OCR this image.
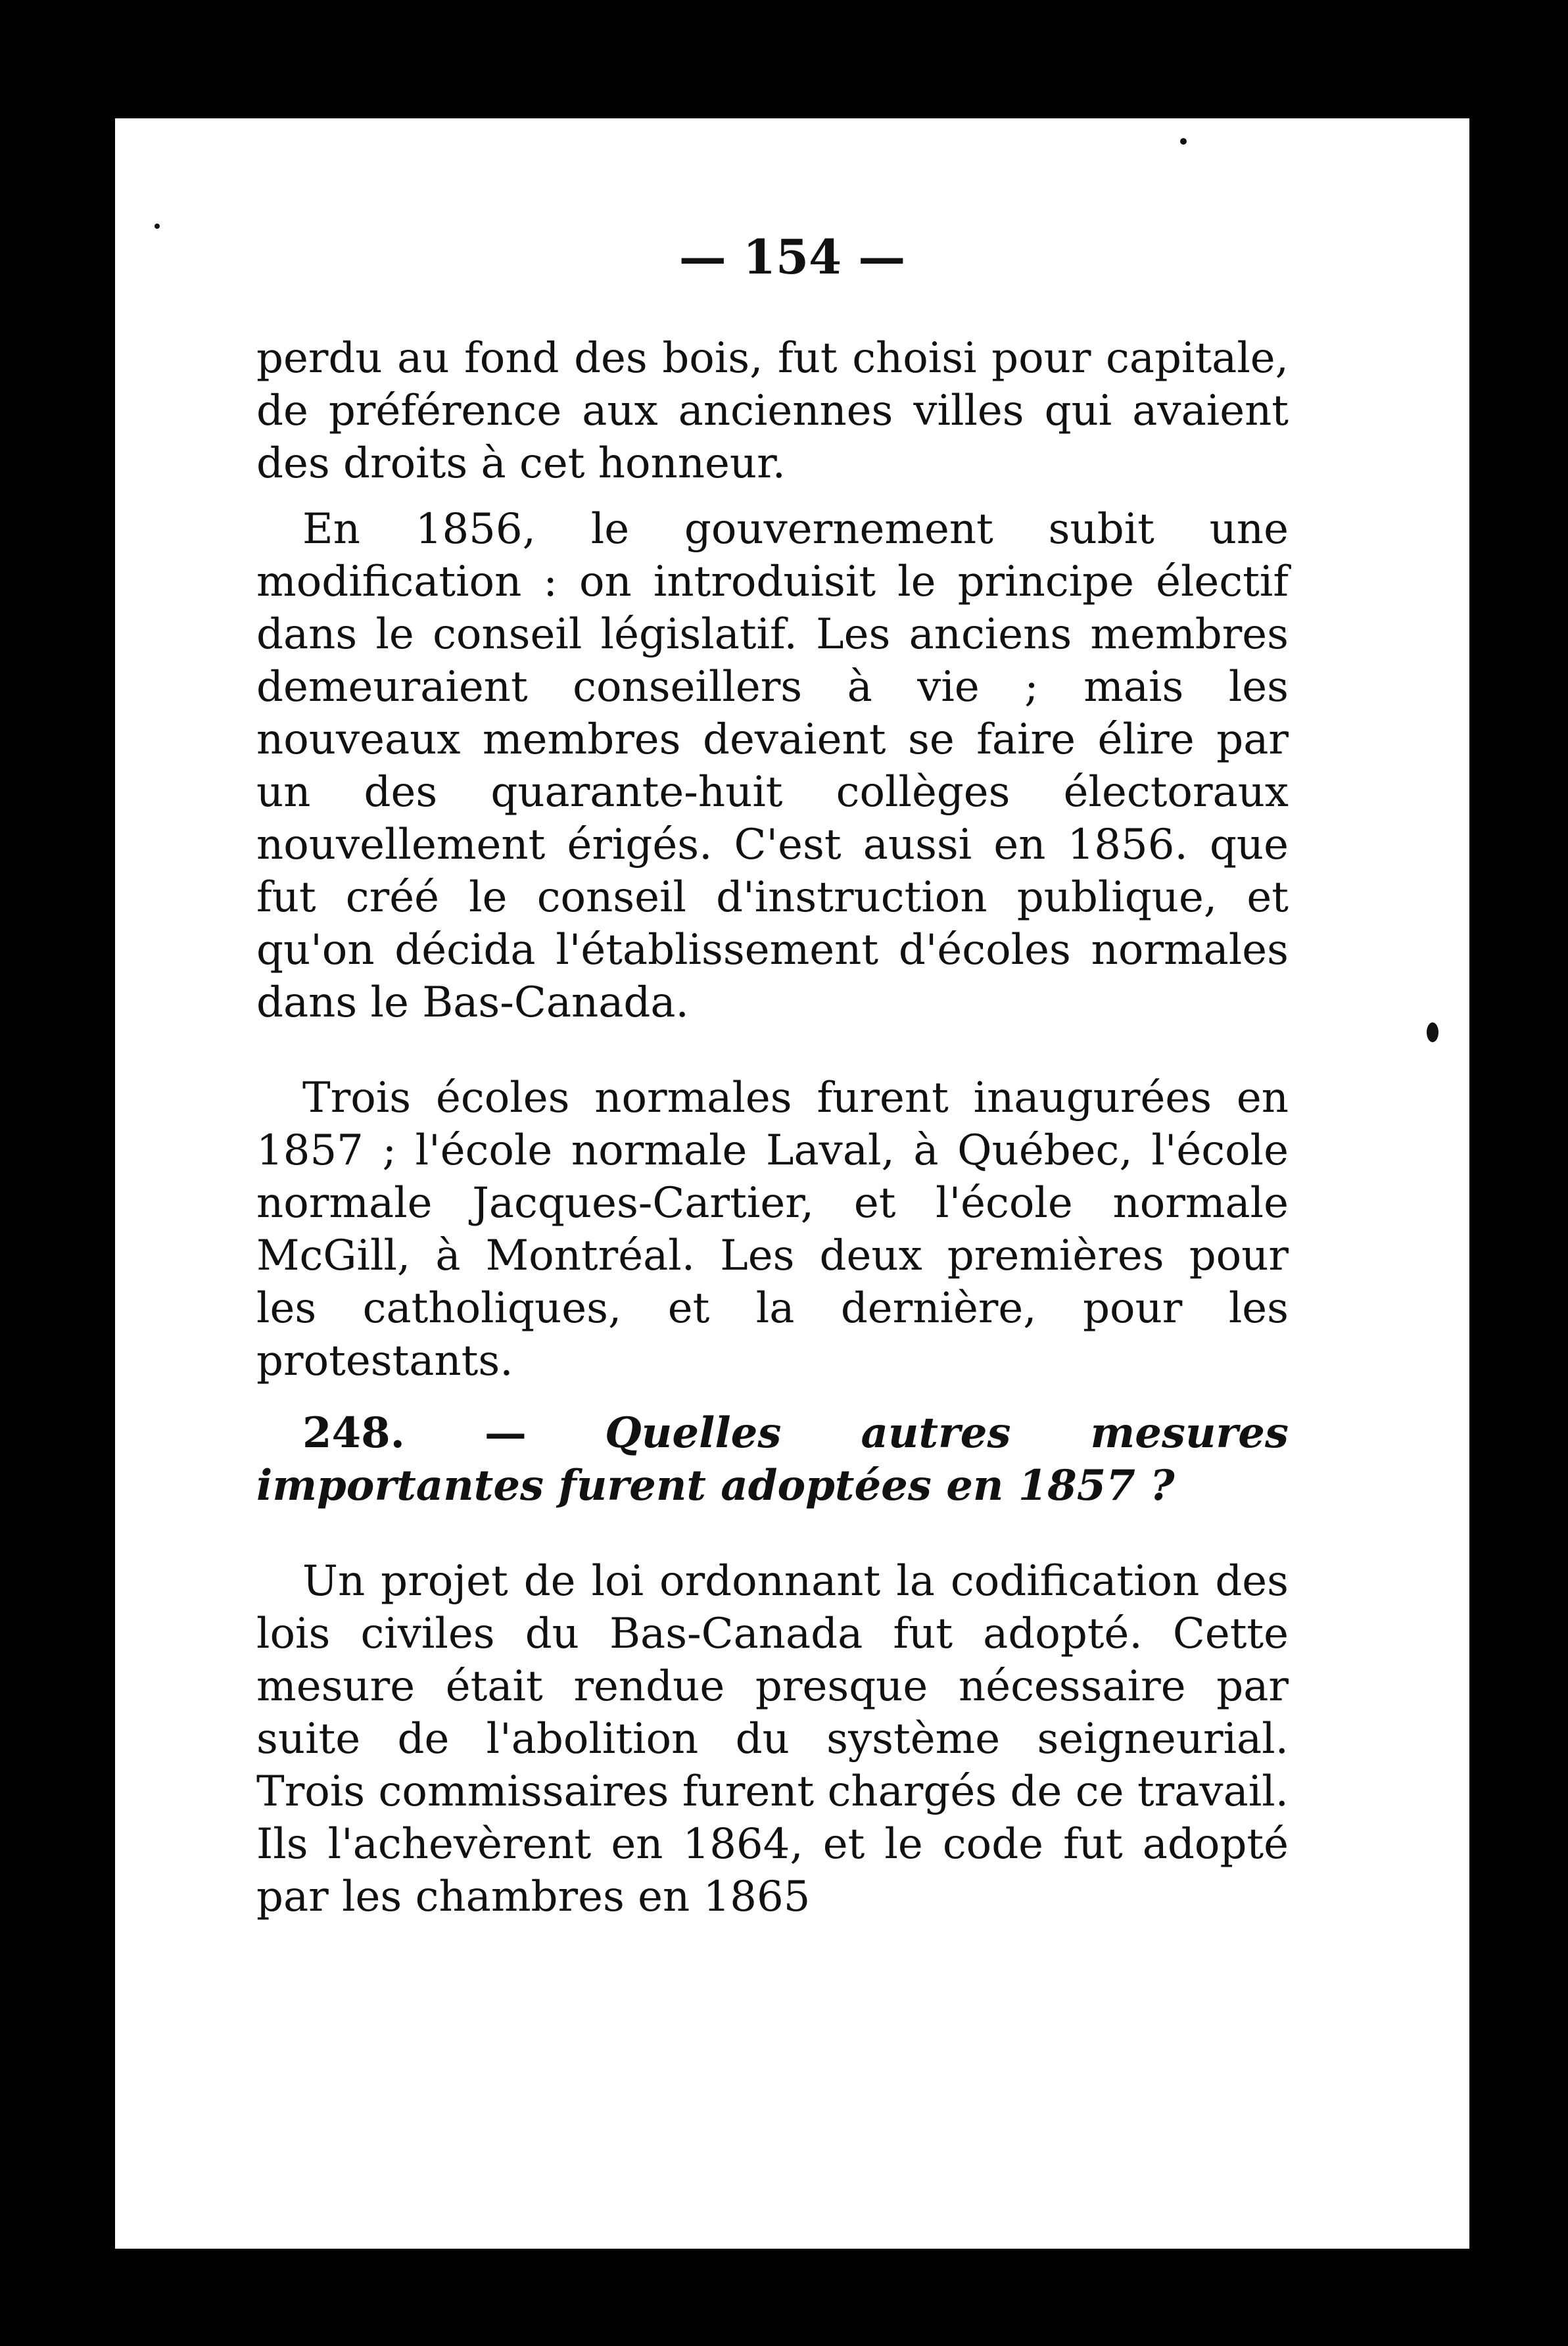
— 154 —

perdu au fond des bois, fut choisi pour capitale, de préférence aux anciennes villes qui avaient des droits à cet honneur.

En 1856, le gouvernement subit une modification : on introduisit le principe électif dans le conseil législatif. Les anciens membres demeuraient conseillers à vie ; mais les nouveaux membres devaient se faire élire par un des quarante-huit collèges électoraux nouvellement érigés. C'est aussi en 1856. que fut créé le conseil d'instruction publique, et qu'on décida l'établissement d'écoles normales dans le Bas-Canada.

Trois écoles normales furent inaugurées en 1857 ; l'école normale Laval, à Québec, l'école normale Jacques-Cartier, et l'école normale McGill, à Montréal. Les deux premières pour les catholiques, et la dernière, pour les protestants.

248. — Quelles autres mesures importantes furent adoptées en 1857 ?

Un projet de loi ordonnant la codification des lois civiles du Bas-Canada fut adopté. Cette mesure était rendue presque nécessaire par suite de l'abolition du système seigneurial. Trois commissaires furent chargés de ce travail. Ils l'achevèrent en 1864, et le code fut adopté par les chambres en 1865
